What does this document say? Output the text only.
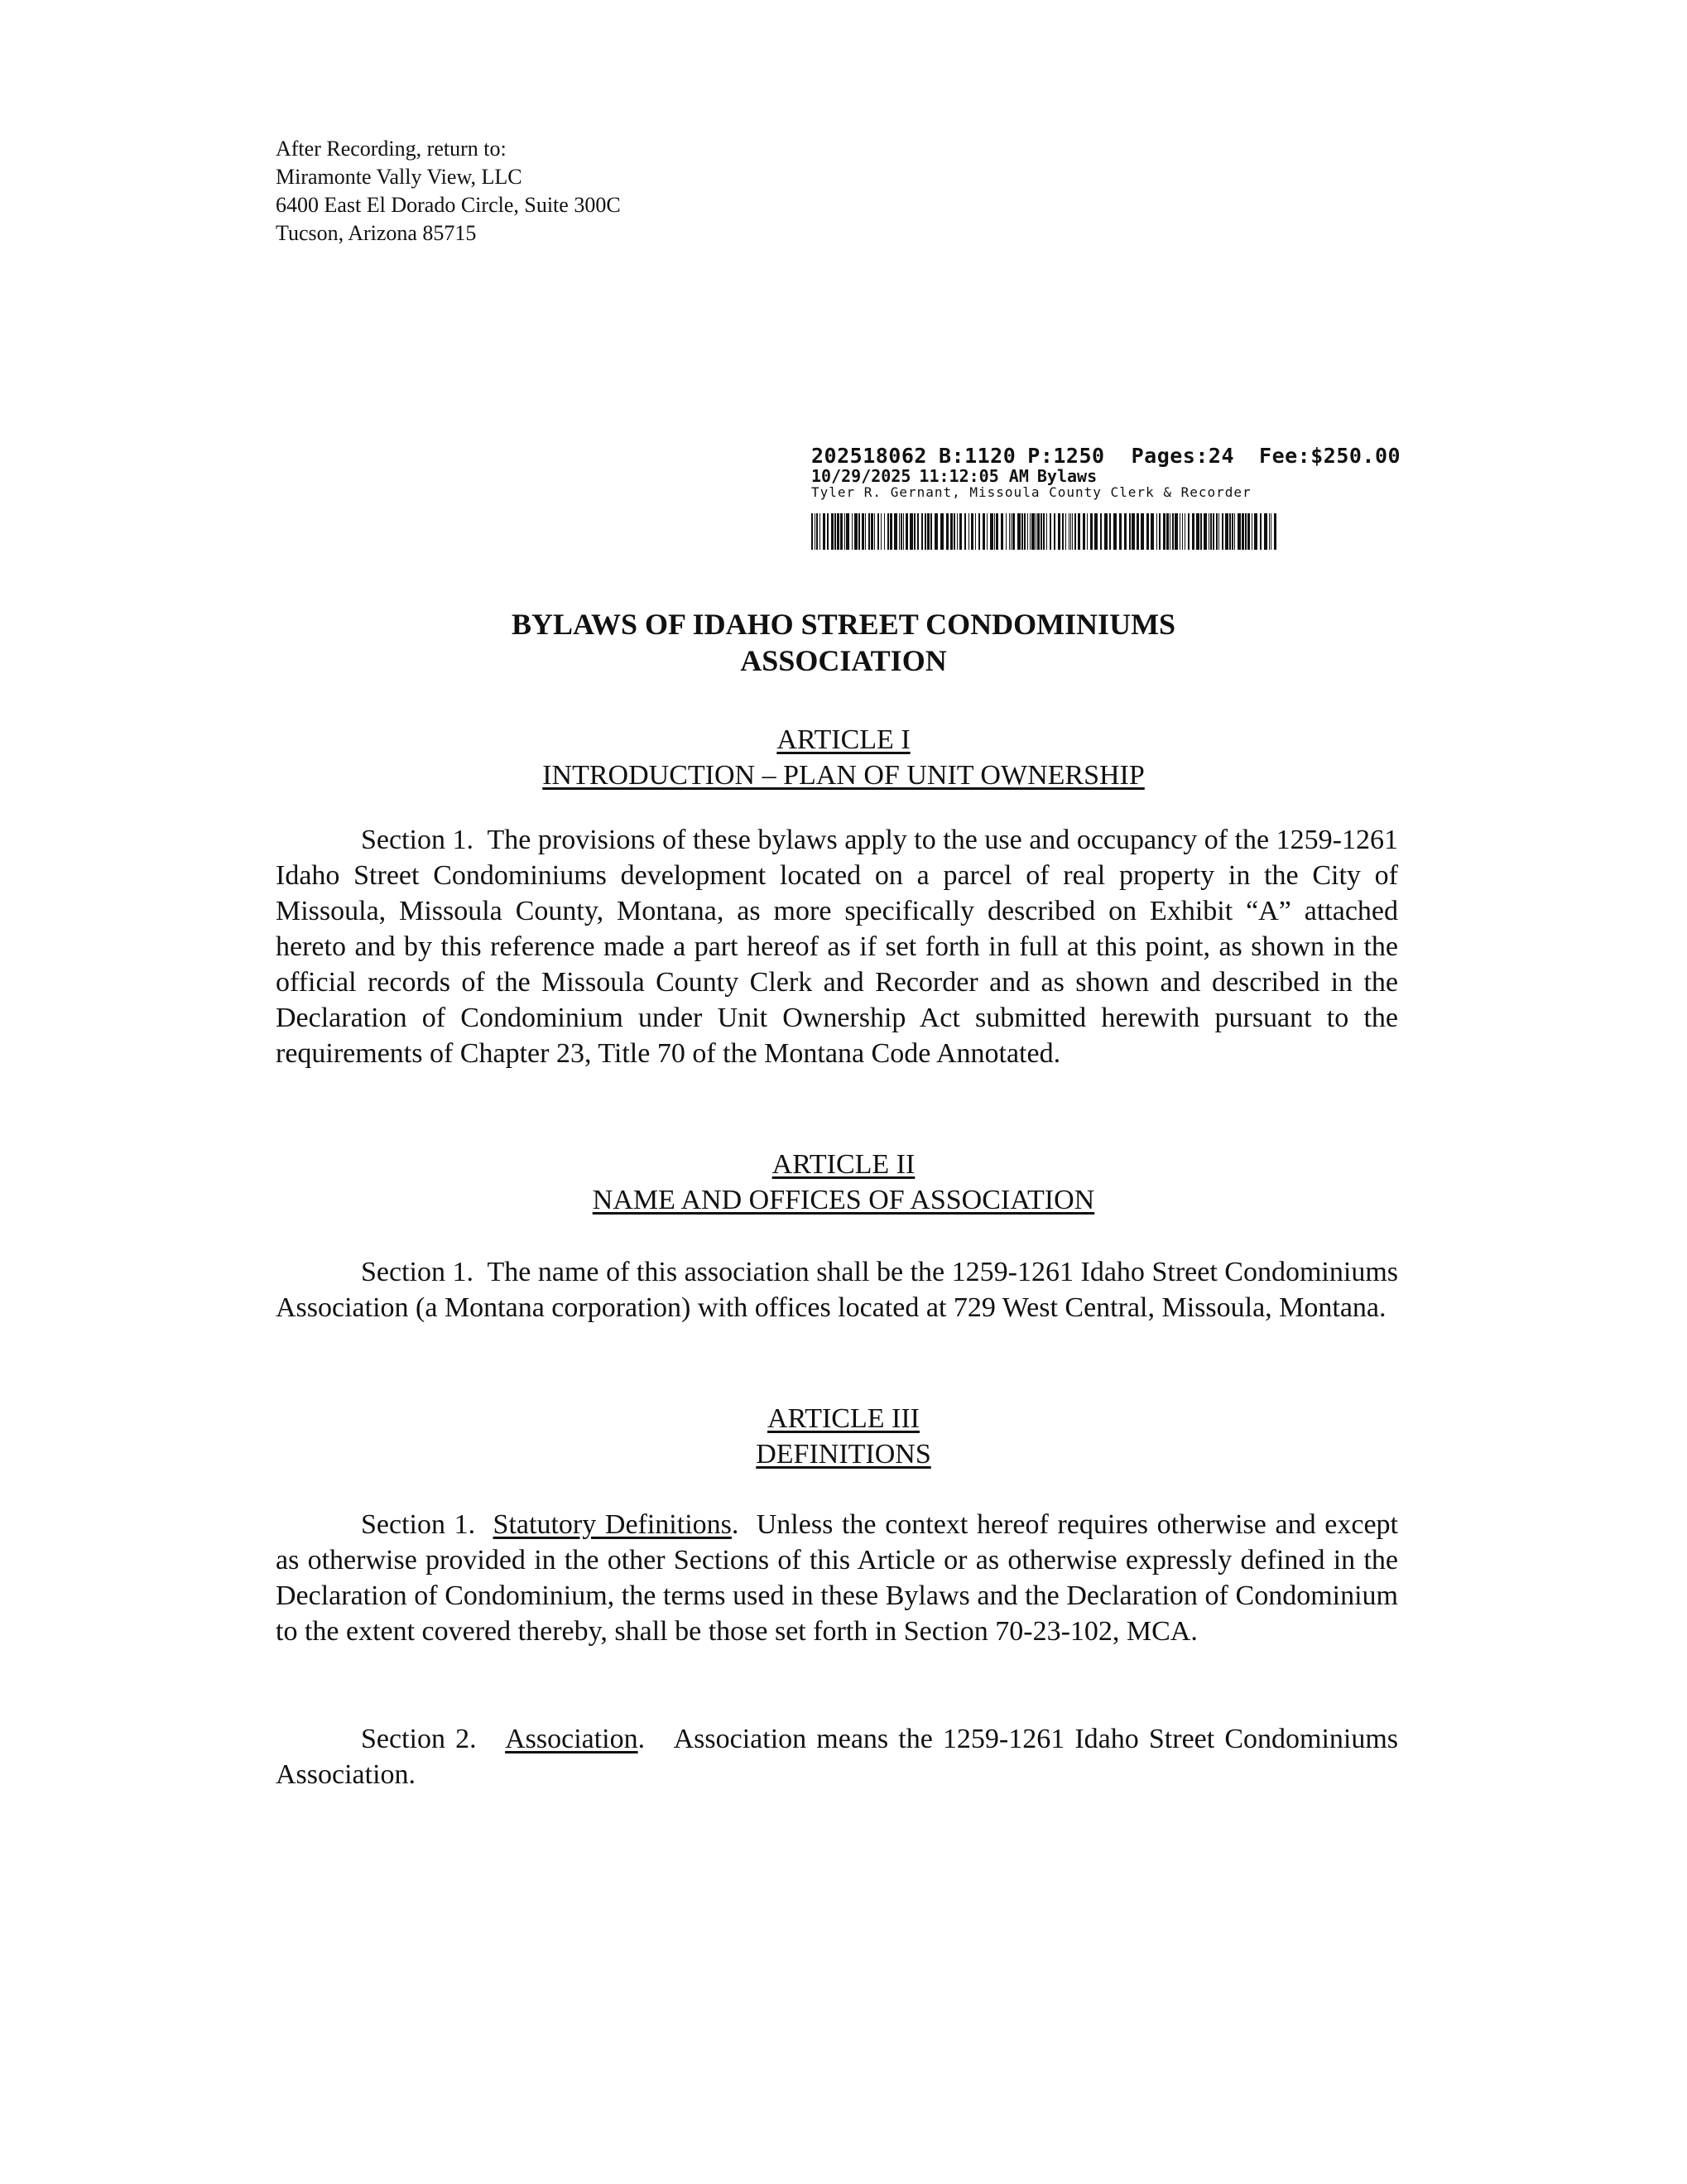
After Recording, return to:
Miramonte Vally View, LLC
6400 East El Dorado Circle, Suite 300C
Tucson, Arizona 85715
202518062 B:1120 P:1250 Pages:24 Fee:$250.00
10/29/2025 11:12:05 AM Bylaws
Tyler R. Gernant, Missoula County Clerk & Recorder
BYLAWS OF IDAHO STREET CONDOMINIUMS
ASSOCIATION
ARTICLE I
INTRODUCTION – PLAN OF UNIT OWNERSHIP
Section 1. The provisions of these bylaws apply to the use and occupancy of the 1259-1261 Idaho Street Condominiums development located on a parcel of real property in the City of Missoula, Missoula County, Montana, as more specifically described on Exhibit “A” attached hereto and by this reference made a part hereof as if set forth in full at this point, as shown in the official records of the Missoula County Clerk and Recorder and as shown and described in the Declaration of Condominium under Unit Ownership Act submitted herewith pursuant to the requirements of Chapter 23, Title 70 of the Montana Code Annotated.
ARTICLE II
NAME AND OFFICES OF ASSOCIATION
Section 1. The name of this association shall be the 1259-1261 Idaho Street Condominiums Association (a Montana corporation) with offices located at 729 West Central, Missoula, Montana.
ARTICLE III
DEFINITIONS
Section 1. Statutory Definitions.  Unless the context hereof requires otherwise and except as otherwise provided in the other Sections of this Article or as otherwise expressly defined in the Declaration of Condominium, the terms used in these Bylaws and the Declaration of Condominium to the extent covered thereby, shall be those set forth in Section 70-23-102, MCA.
Section 2. Association.   Association means the 1259-1261 Idaho Street Condominiums Association.
